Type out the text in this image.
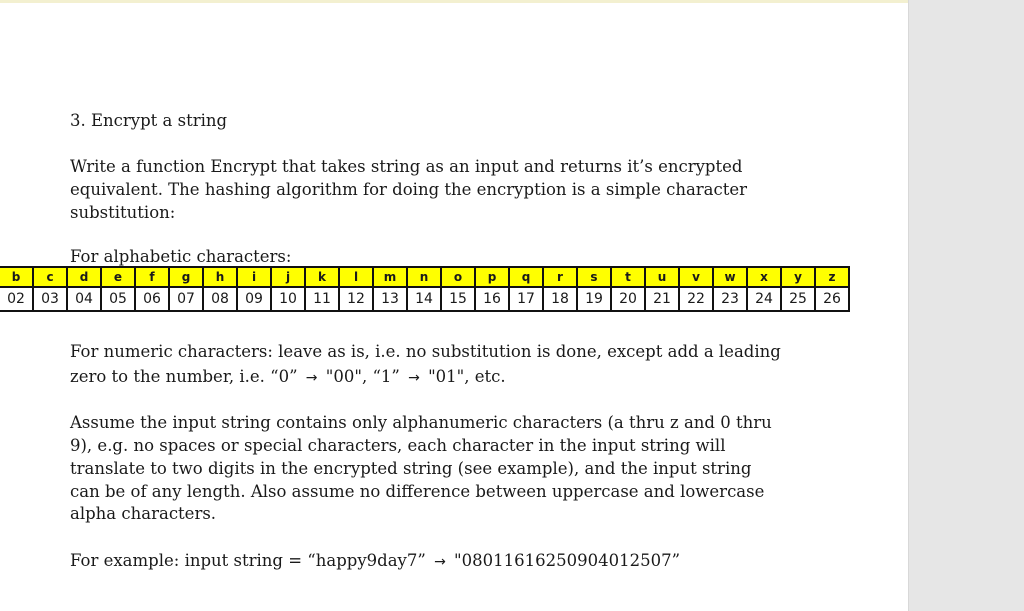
3. Encrypt a string
Write a function Encrypt that takes string as an input and returns it’s encrypted
equivalent. The hashing algorithm for doing the encryption is a simple character
substitution:
For alphabetic characters:
b	c	d	e	f	g	h	i	j	k	l	m	n	o	p	q	r	s	t	u	v	w	x	y	z
02	03	04	05	06	07	08	09	10	11	12	13	14	15	16	17	18	19	20	21	22	23	24	25	26
For numeric characters: leave as is, i.e. no substitution is done, except add a leading
zero to the number, i.e. “0” → "00", “1” → "01", etc.
Assume the input string contains only alphanumeric characters (a thru z and 0 thru
9), e.g. no spaces or special characters, each character in the input string will
translate to two digits in the encrypted string (see example), and the input string
can be of any length. Also assume no difference between uppercase and lowercase
alpha characters.
For example: input string = “happy9day7” → "08011616250904012507”
